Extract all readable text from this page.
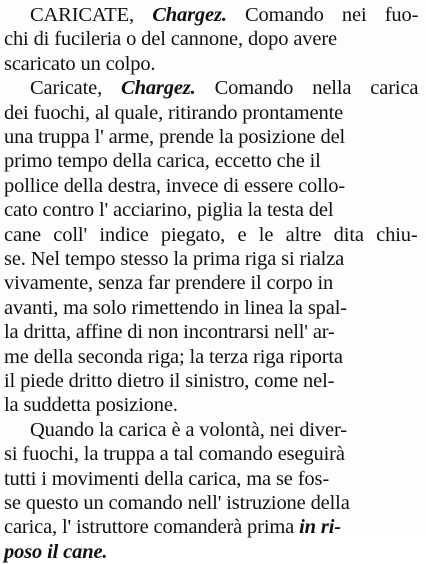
CARICATE, Chargez. Comando nei fuo-
chi di fucileria o del cannone, dopo avere
scaricato un colpo.
Caricate, Chargez. Comando nella carica
dei fuochi, al quale, ritirando prontamente
una truppa l' arme, prende la posizione del
primo tempo della carica, eccetto che il
pollice della destra, invece di essere collo-
cato contro l' acciarino, piglia la testa del
cane coll' indice piegato, e le altre dita chiu-
se. Nel tempo stesso la prima riga si rialza
vivamente, senza far prendere il corpo in
avanti, ma solo rimettendo in linea la spal-
la dritta, affine di non incontrarsi nell' ar-
me della seconda riga; la terza riga riporta
il piede dritto dietro il sinistro, come nel-
la suddetta posizione.
Quando la carica è a volontà, nei diver-
si fuochi, la truppa a tal comando eseguirà
tutti i movimenti della carica, ma se fos-
se questo un comando nell' istruzione della
carica, l' istruttore comanderà prima in ri-
poso il cane.
